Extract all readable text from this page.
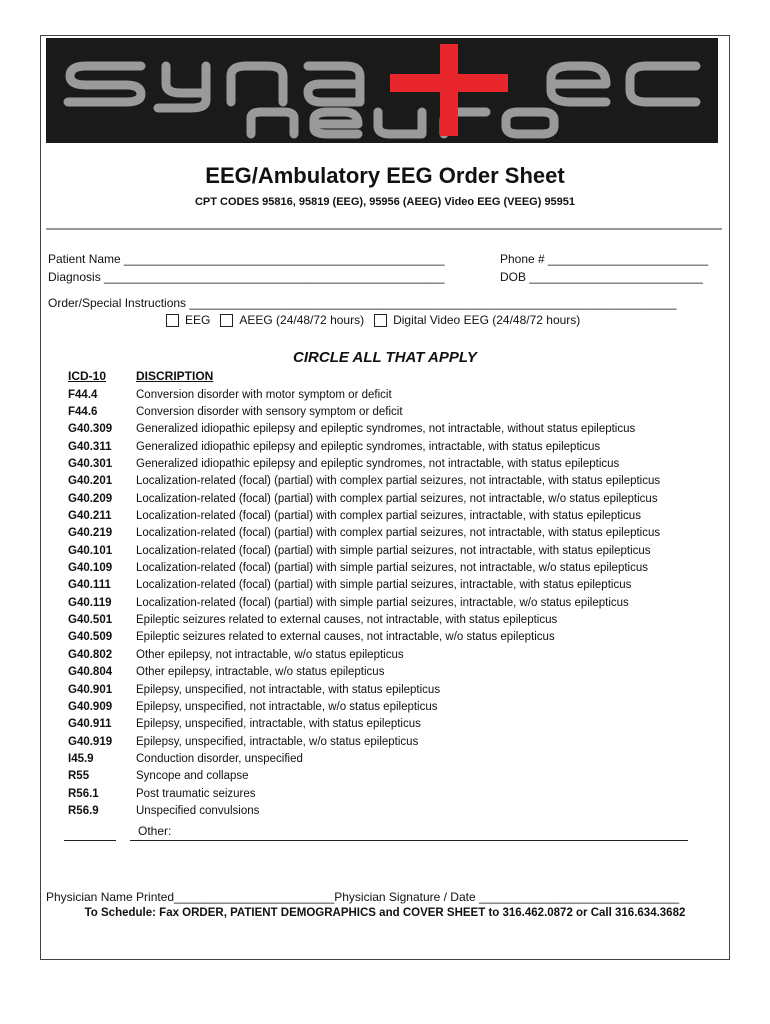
EEG/Ambulatory EEG Order Sheet
CPT CODES 95816, 95819 (EEG), 95956 (AEEG) Video EEG (VEEG) 95951
Patient Name ________________________________________________	Phone # ________________________
Diagnosis ___________________________________________________	DOB __________________________
Order/Special Instructions _________________________________________________________________________
EEG AEEG (24/48/72 hours) Digital Video EEG (24/48/72 hours)
CIRCLE ALL THAT APPLY
ICD-10 DISCRIPTION
F44.4	Conversion disorder with motor symptom or deficit
F44.6	Conversion disorder with sensory symptom or deficit
G40.309	Generalized idiopathic epilepsy and epileptic syndromes, not intractable, without status epilepticus
G40.311	Generalized idiopathic epilepsy and epileptic syndromes, intractable, with status epilepticus
G40.301	Generalized idiopathic epilepsy and epileptic syndromes, not intractable, with status epilepticus
G40.201	Localization-related (focal) (partial) with complex partial seizures, not intractable, with status epilepticus
G40.209	Localization-related (focal) (partial) with complex partial seizures, not intractable, w/o status epilepticus
G40.211	Localization-related (focal) (partial) with complex partial seizures, intractable, with status epilepticus
G40.219	Localization-related (focal) (partial) with complex partial seizures, not intractable, with status epilepticus
G40.101	Localization-related (focal) (partial) with simple partial seizures, not intractable, with status epilepticus
G40.109	Localization-related (focal) (partial) with simple partial seizures, not intractable, w/o status epilepticus
G40.111	Localization-related (focal) (partial) with simple partial seizures, intractable, with status epilepticus
G40.119	Localization-related (focal) (partial) with simple partial seizures, intractable, w/o status epilepticus
G40.501	Epileptic seizures related to external causes, not intractable, with status epilepticus
G40.509	Epileptic seizures related to external causes, not intractable, w/o status epilepticus
G40.802	Other epilepsy, not intractable, w/o status epilepticus
G40.804	Other epilepsy, intractable, w/o status epilepticus
G40.901	Epilepsy, unspecified, not intractable, with status epilepticus
G40.909	Epilepsy, unspecified, not intractable, w/o status epilepticus
G40.911	Epilepsy, unspecified, intractable, with status epilepticus
G40.919	Epilepsy, unspecified, intractable, w/o status epilepticus
I45.9	Conduction disorder, unspecified
R55	Syncope and collapse
R56.1	Post traumatic seizures
R56.9	Unspecified convulsions
Other:
Physician Name Printed________________________Physician Signature / Date ______________________________
To Schedule: Fax ORDER, PATIENT DEMOGRAPHICS and COVER SHEET to 316.462.0872 or Call 316.634.3682
